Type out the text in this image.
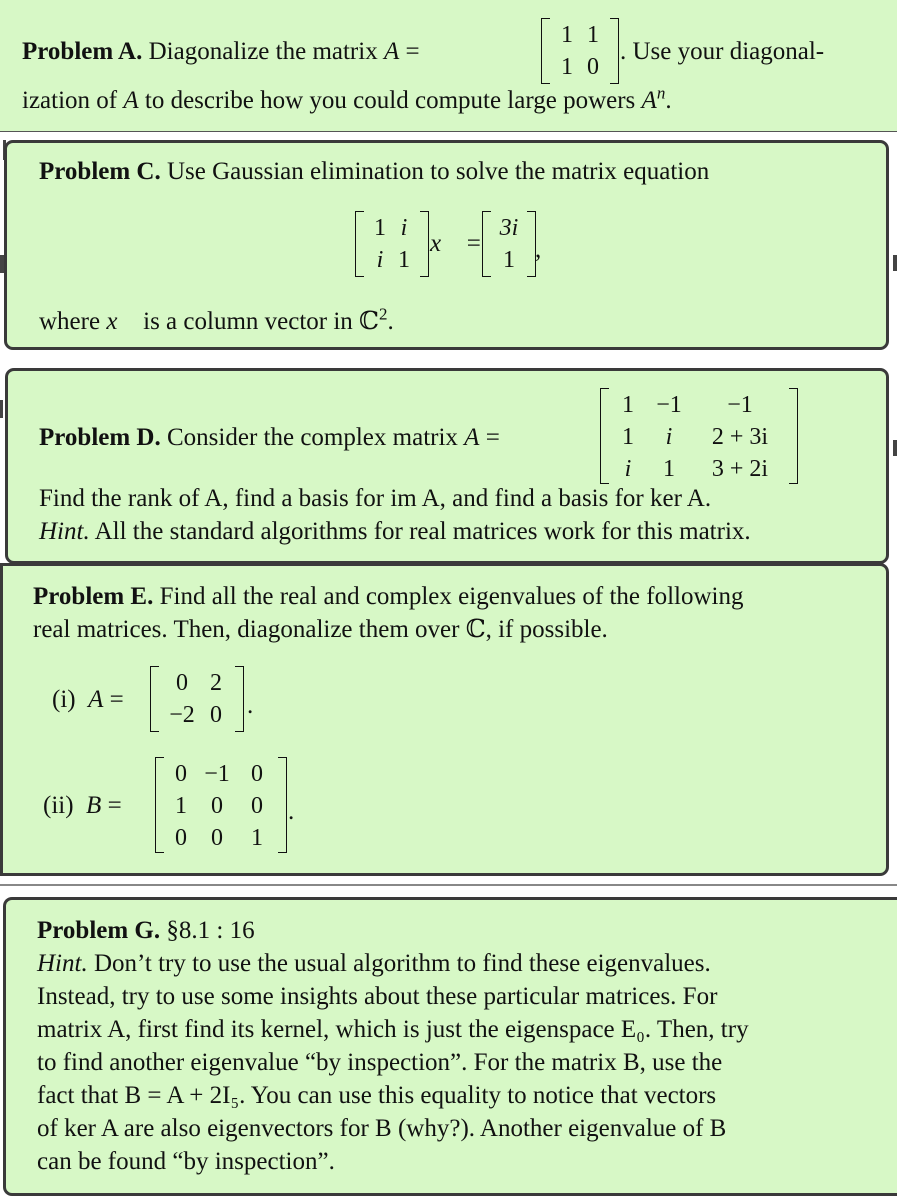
Problem A. Diagonalize the matrix A =
1 1
1 0
. Use your diagonal-
ization of A to describe how you could compute large powers $A^n$.
Problem C. Use Gaussian elimination to solve the matrix equation
1 i
i 1
x⃗ =
3i
1 ,
where x⃗ is a column vector in ℂ$^2$.
Problem D. Consider the complex matrix A =
1 −1 −1
1 i 2 + 3i
i 1 3 + 2i
Find the rank of A, find a basis for im A, and find a basis for ker A.
Hint. All the standard algorithms for real matrices work for this matrix.
Problem E. Find all the real and complex eigenvalues of the following
real matrices. Then, diagonalize them over ℂ, if possible.
(i) A =
0 2
−2 0 .
(ii) B =
0 −1 0
1 0 0
0 0 1
.
Problem G. §8.1 : 16
Hint. Don’t try to use the usual algorithm to find these eigenvalues.
Instead, try to use some insights about these particular matrices. For
matrix A, first find its kernel, which is just the eigenspace E₀. Then, try
to find another eigenvalue “by inspection”. For the matrix B, use the
fact that B = A + 2I₅. You can use this equality to notice that vectors
of ker A are also eigenvectors for B (why?). Another eigenvalue of B
can be found “by inspection”.
